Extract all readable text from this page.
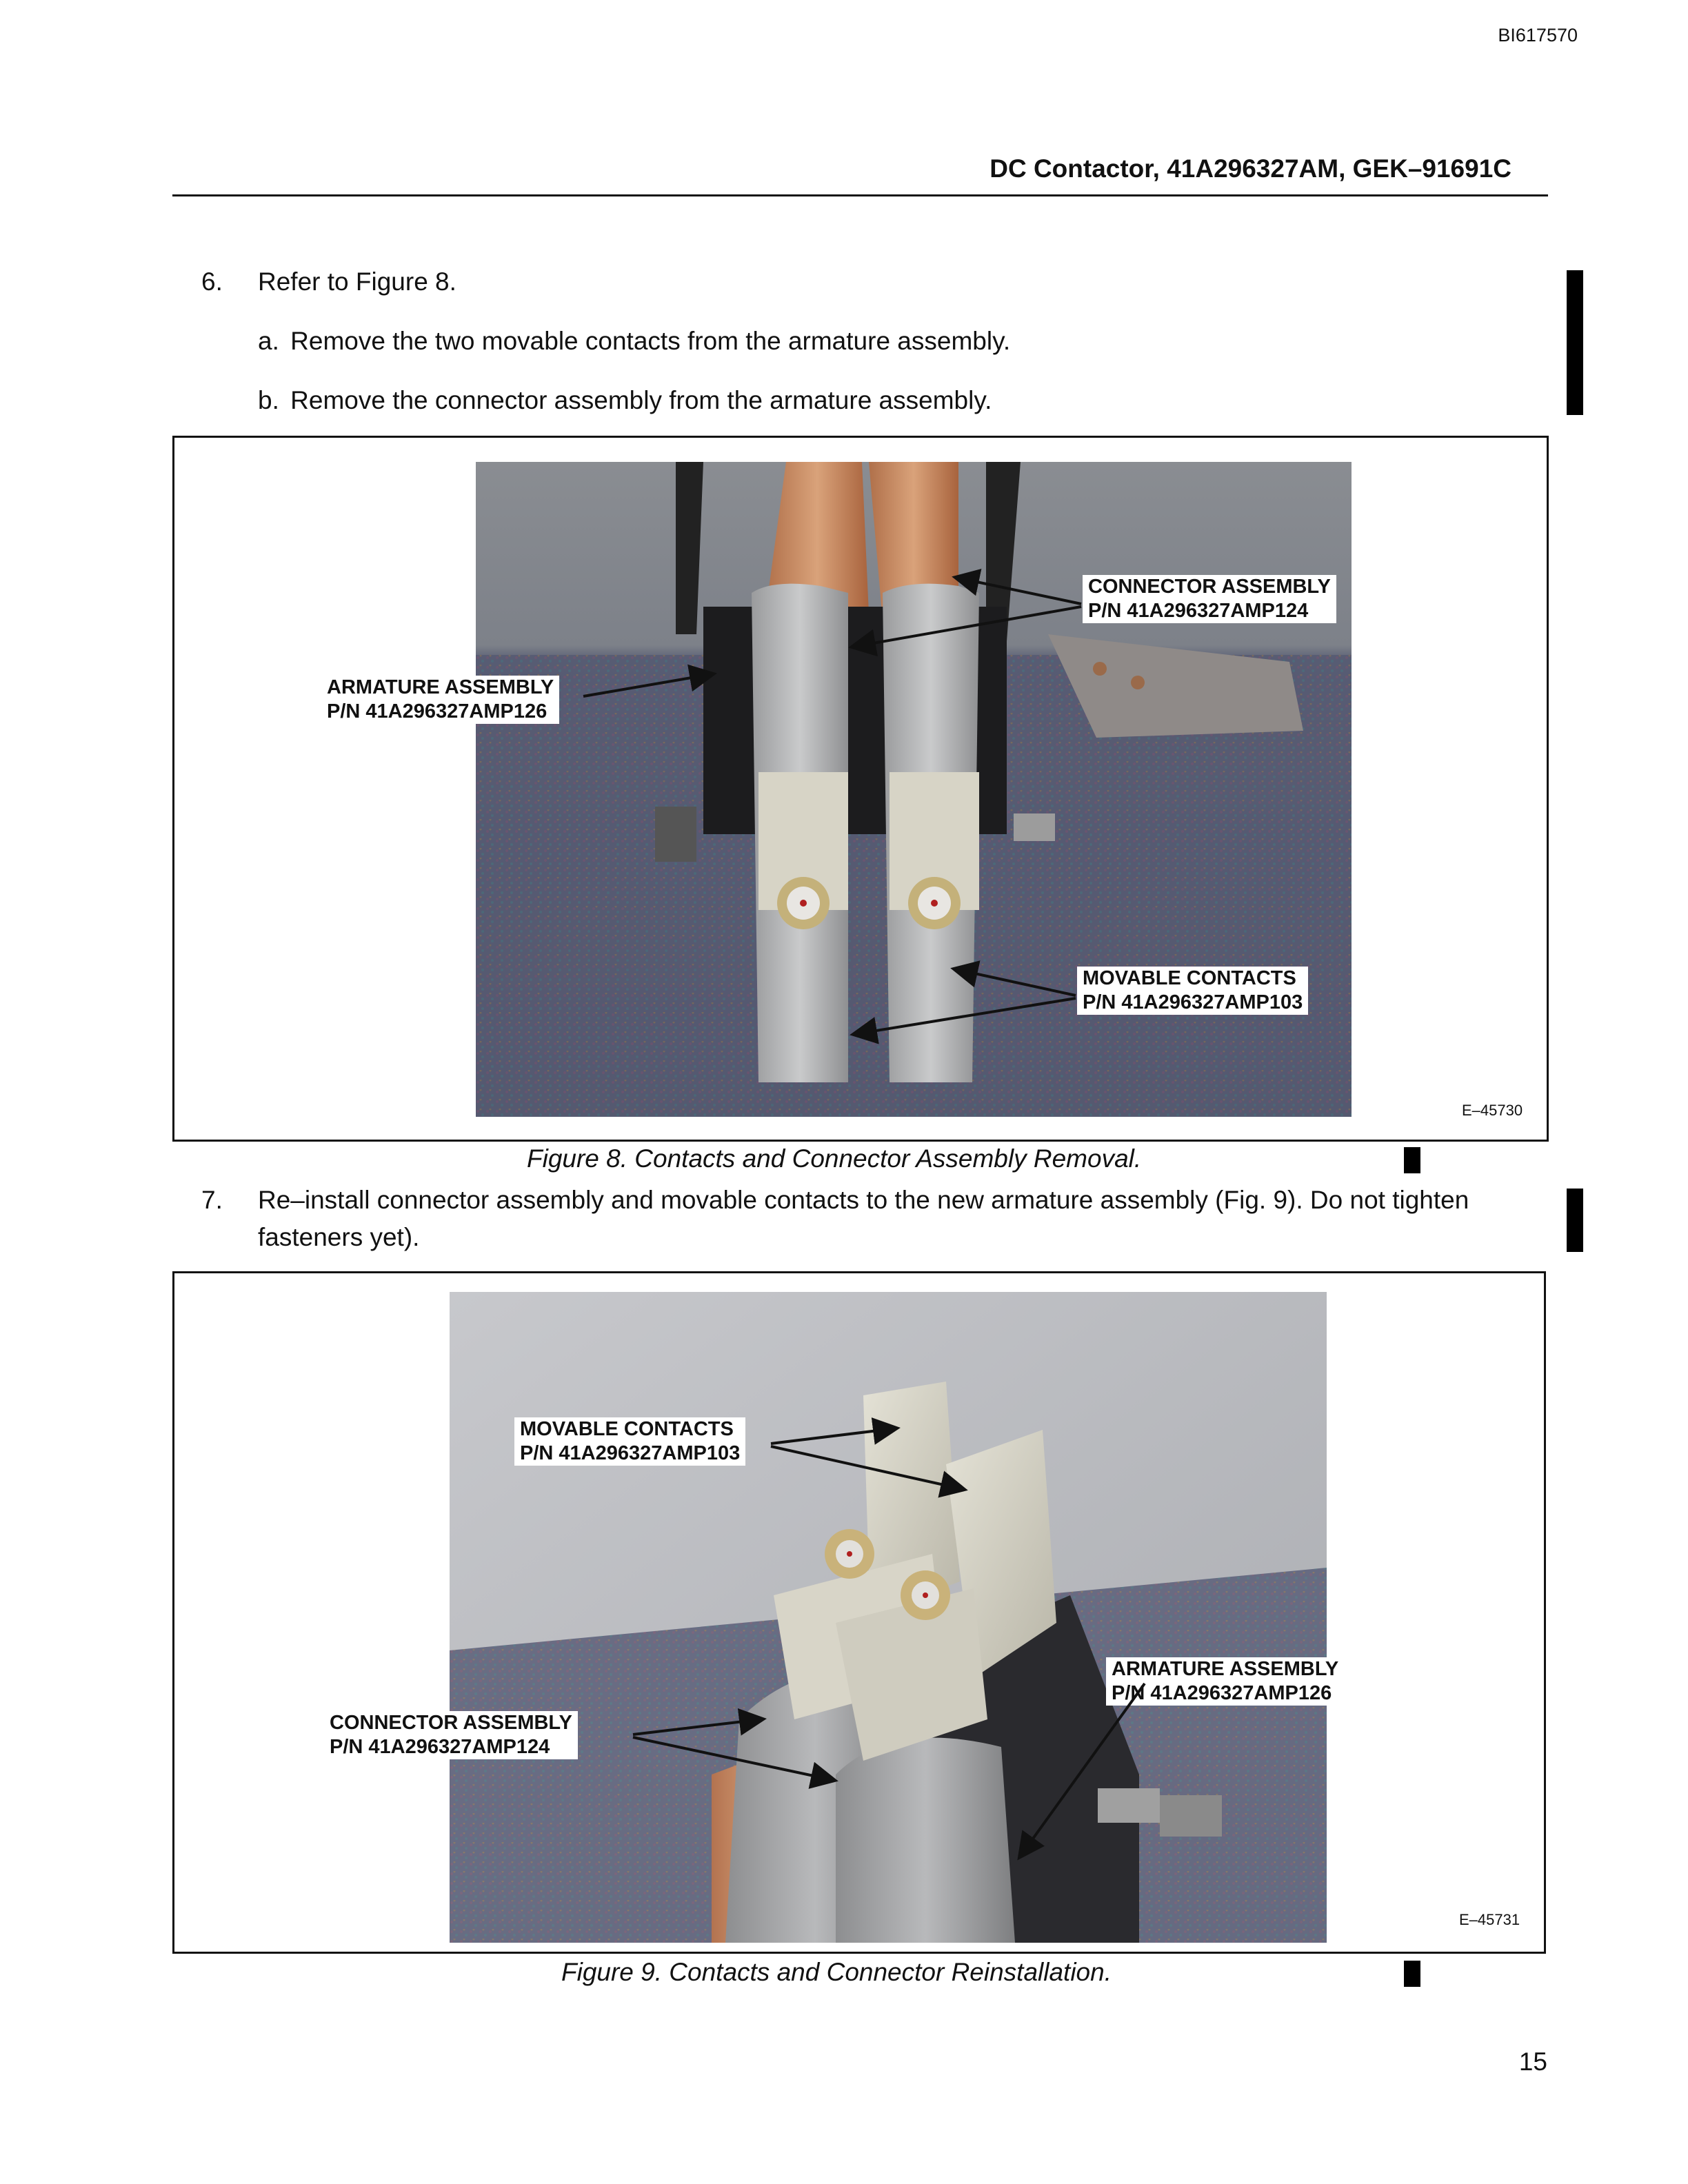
BI617570
DC Contactor, 41A296327AM, GEK–91691C
6. Refer to Figure 8.
a. Remove the two movable contacts from the armature assembly.
b. Remove the connector assembly from the armature assembly.
CONNECTOR ASSEMBLY
P/N 41A296327AMP124
ARMATURE ASSEMBLY
P/N 41A296327AMP126
MOVABLE CONTACTS
P/N 41A296327AMP103
E–45730
Figure 8. Contacts and Connector Assembly Removal.
7. Re–install connector assembly and movable contacts to the new armature assembly (Fig. 9). Do not tighten
fasteners yet).
MOVABLE CONTACTS
P/N 41A296327AMP103
ARMATURE ASSEMBLY
P/N 41A296327AMP126
CONNECTOR ASSEMBLY
P/N 41A296327AMP124
E–45731
Figure 9. Contacts and Connector Reinstallation.
15
